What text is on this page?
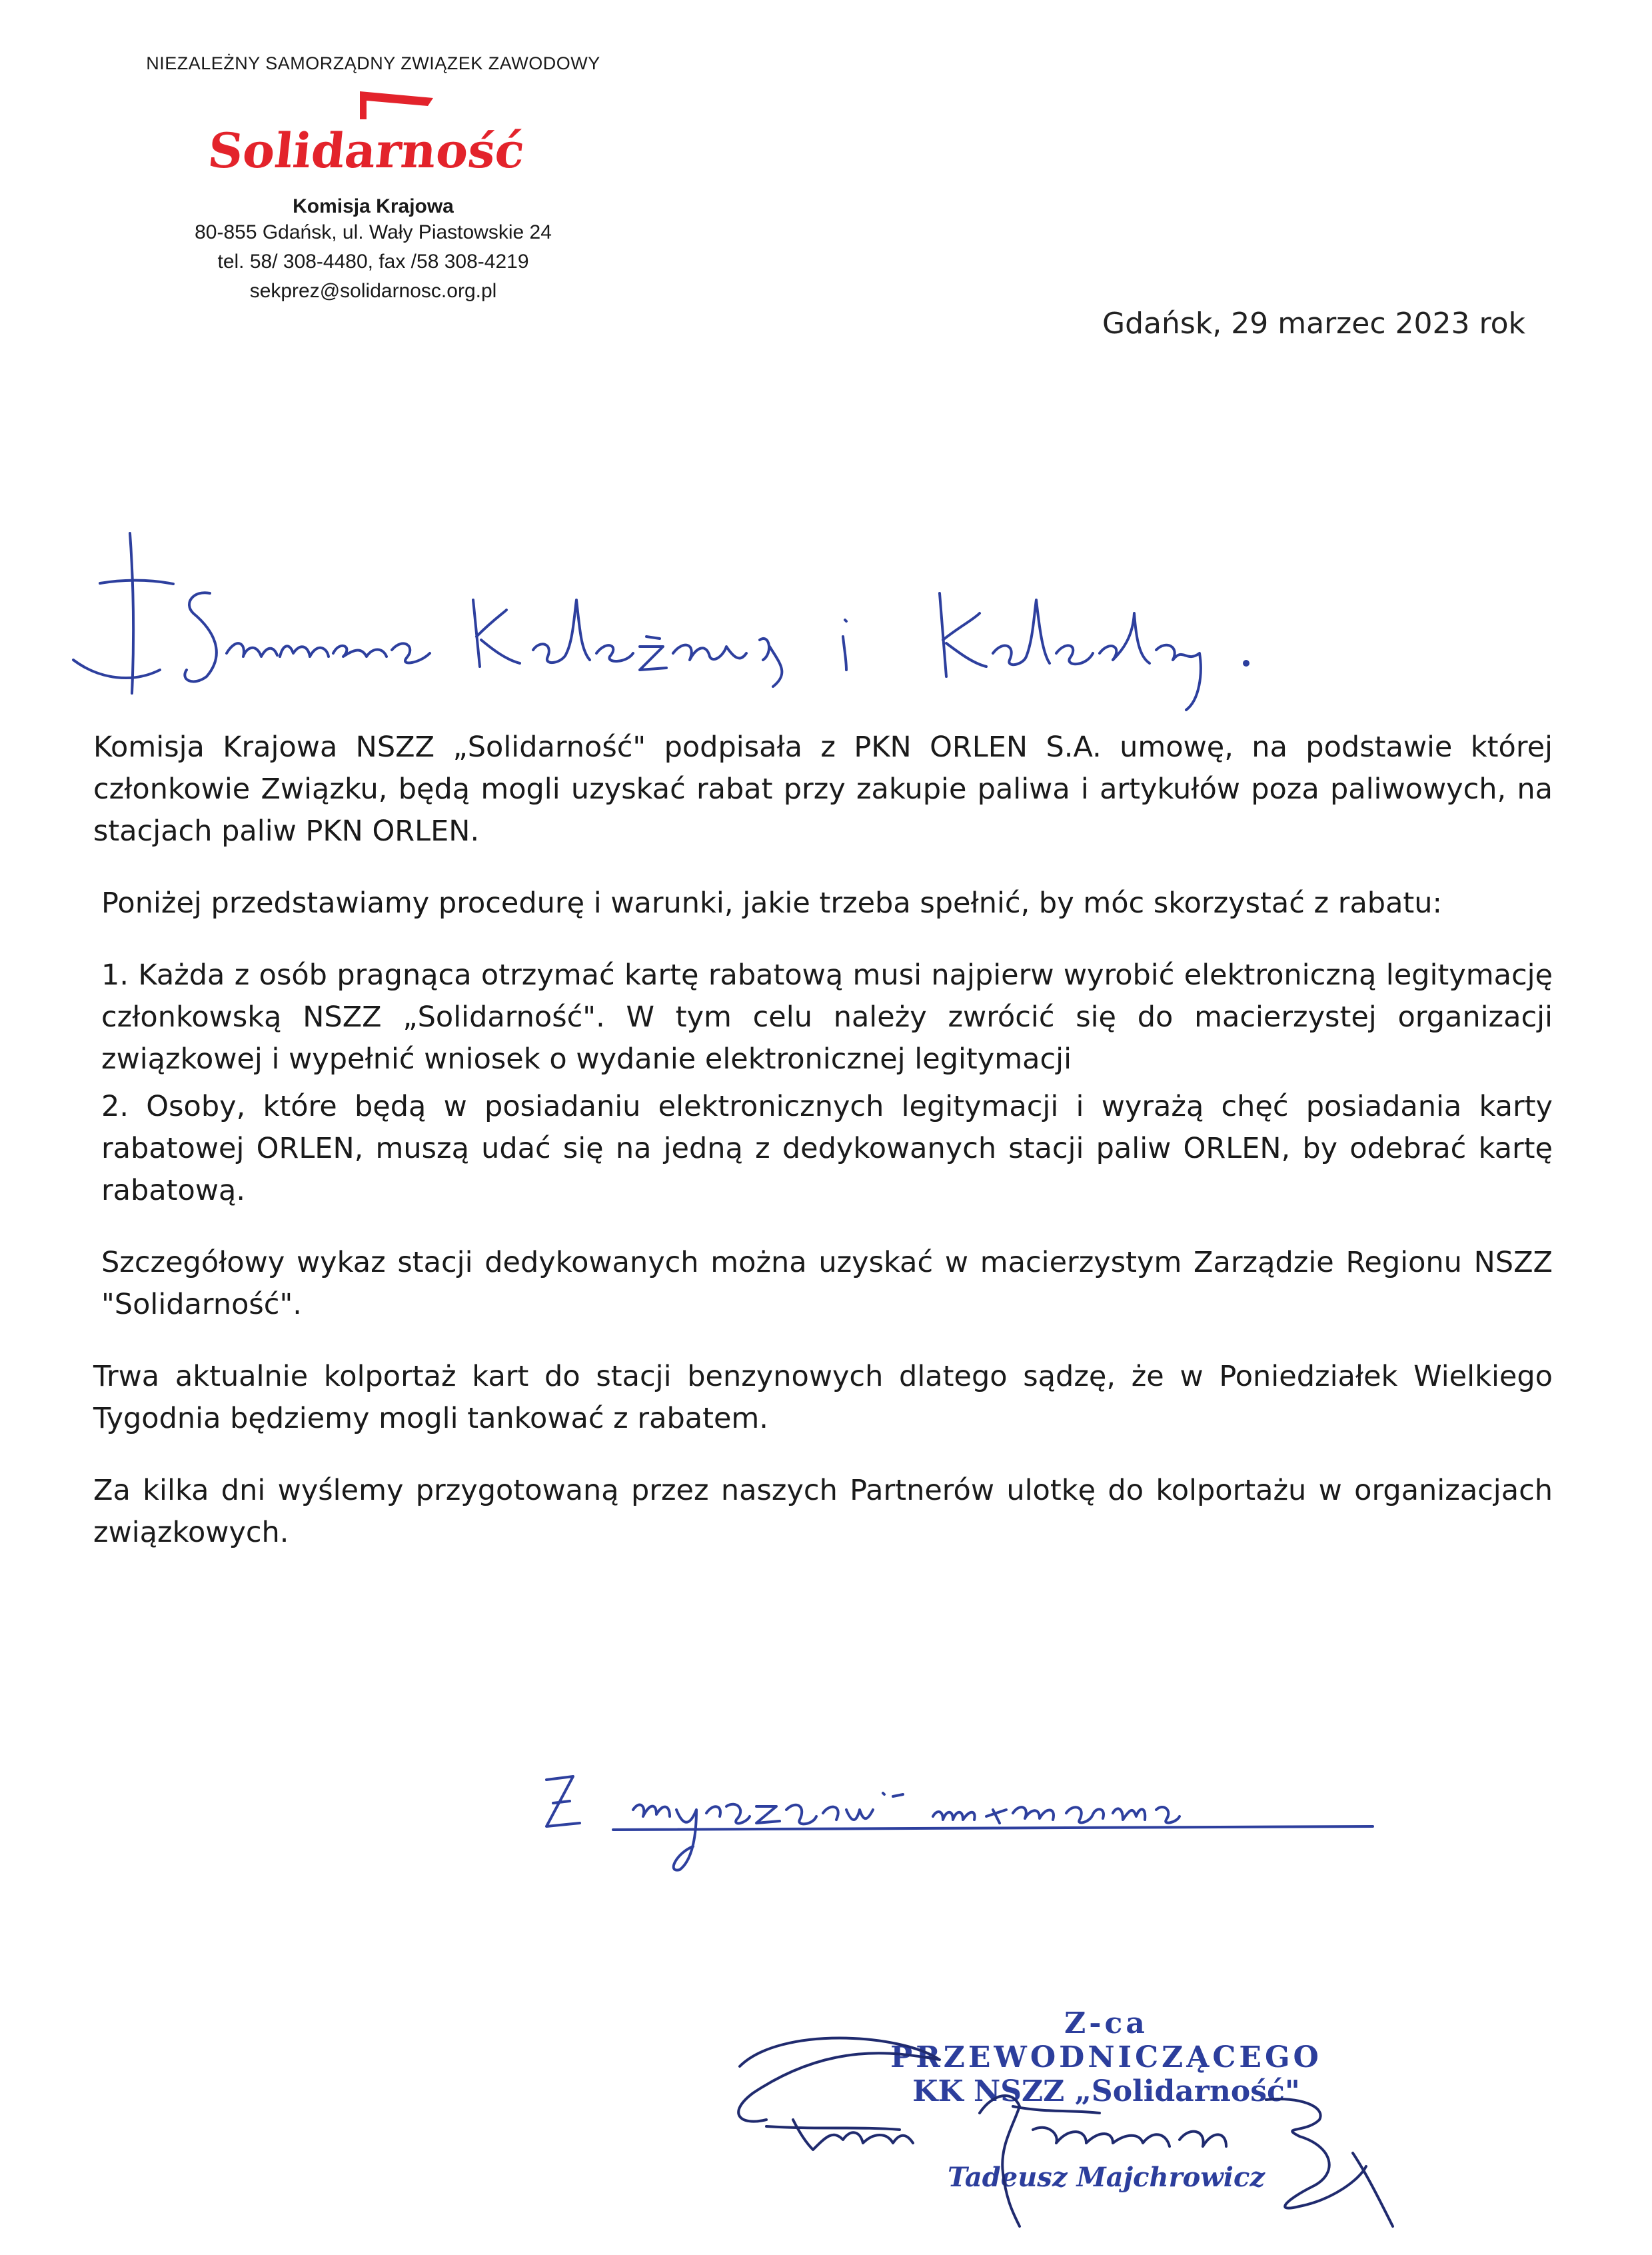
NIEZALEŻNY SAMORZĄDNY ZWIĄZEK ZAWODOWY
Solidarność
Komisja Krajowa
80-855 Gdańsk, ul. Wały Piastowskie 24
tel. 58/ 308-4480, fax /58 308-4219
sekprez@solidarnosc.org.pl
Gdańsk, 29 marzec 2023 rok

Komisja Krajowa NSZZ „Solidarność" podpisała z PKN ORLEN S.A. umowę, na podstawie której członkowie Związku, będą mogli uzyskać rabat przy zakupie paliwa i artykułów poza paliwowych, na stacjach paliw PKN ORLEN.

Poniżej przedstawiamy procedurę i warunki, jakie trzeba spełnić, by móc skorzystać z rabatu:

1. Każda z osób pragnąca otrzymać kartę rabatową musi najpierw wyrobić elektroniczną legitymację członkowską NSZZ „Solidarność". W tym celu należy zwrócić się do macierzystej organizacji związkowej i wypełnić wniosek o wydanie elektronicznej legitymacji
2. Osoby, które będą w posiadaniu elektronicznych legitymacji i wyrażą chęć posiadania karty rabatowej ORLEN, muszą udać się na jedną z dedykowanych stacji paliw ORLEN, by odebrać kartę rabatową.

Szczegółowy wykaz stacji dedykowanych można uzyskać w macierzystym Zarządzie Regionu NSZZ "Solidarność".

Trwa aktualnie kolportaż kart do stacji benzynowych dlatego sądzę, że w Poniedziałek Wielkiego Tygodnia będziemy mogli tankować z rabatem.

Za kilka dni wyślemy przygotowaną przez naszych Partnerów ulotkę do kolportażu w organizacjach związkowych.

Z-ca PRZEWODNICZĄCEGO
KK NSZZ „Solidarność"
Tadeusz Majchrowicz
